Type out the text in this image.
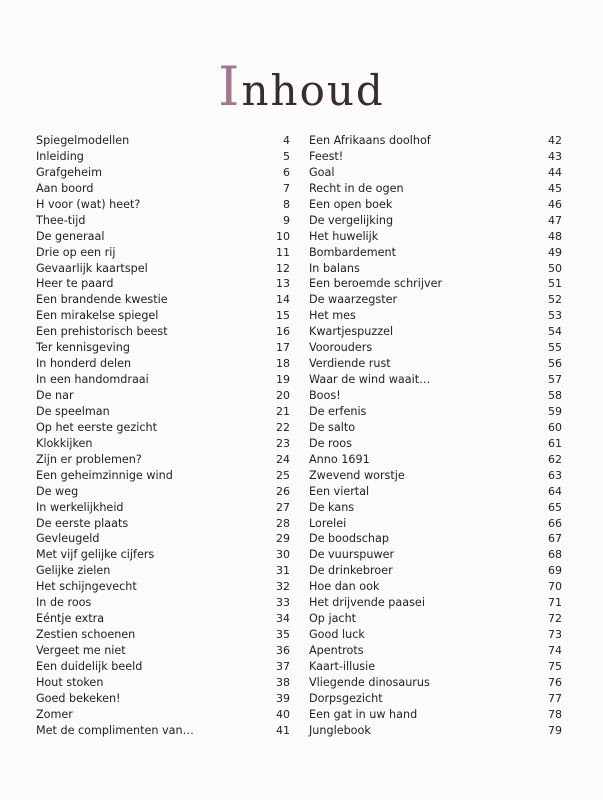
Inhoud
Spiegelmodellen	4
Inleiding	5
Grafgeheim	6
Aan boord	7
H voor (wat) heet?	8
Thee-tijd	9
De generaal	10
Drie op een rij	11
Gevaarlijk kaartspel	12
Heer te paard	13
Een brandende kwestie	14
Een mirakelse spiegel	15
Een prehistorisch beest	16
Ter kennisgeving	17
In honderd delen	18
In een handomdraai	19
De nar	20
De speelman	21
Op het eerste gezicht	22
Klokkijken	23
Zijn er problemen?	24
Een geheimzinnige wind	25
De weg	26
In werkelijkheid	27
De eerste plaats	28
Gevleugeld	29
Met vijf gelijke cijfers	30
Gelijke zielen	31
Het schijngevecht	32
In de roos	33
Eéntje extra	34
Zestien schoenen	35
Vergeet me niet	36
Een duidelijk beeld	37
Hout stoken	38
Goed bekeken!	39
Zomer	40
Met de complimenten van…	41
Een Afrikaans doolhof	42
Feest!	43
Goal	44
Recht in de ogen	45
Een open boek	46
De vergelijking	47
Het huwelijk	48
Bombardement	49
In balans	50
Een beroemde schrijver	51
De waarzegster	52
Het mes	53
Kwartjespuzzel	54
Voorouders	55
Verdiende rust	56
Waar de wind waait…	57
Boos!	58
De erfenis	59
De salto	60
De roos	61
Anno 1691	62
Zwevend worstje	63
Een viertal	64
De kans	65
Lorelei	66
De boodschap	67
De vuurspuwer	68
De drinkebroer	69
Hoe dan ook	70
Het drijvende paasei	71
Op jacht	72
Good luck	73
Apentrots	74
Kaart-illusie	75
Vliegende dinosaurus	76
Dorpsgezicht	77
Een gat in uw hand	78
Junglebook	79
